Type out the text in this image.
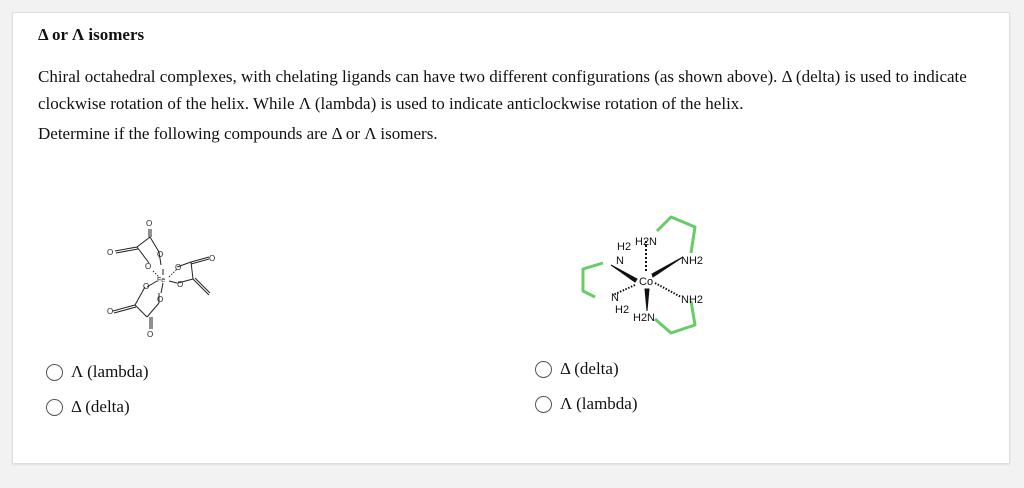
Δ or Λ isomers
Chiral octahedral complexes, with chelating ligands can have two different configurations (as shown above). Δ (delta) is used to indicate clockwise rotation of the helix. While Λ (lambda) is used to indicate anticlockwise rotation of the helix.
Determine if the following compounds are Δ or Λ isomers.
O
O	O
O	O
O
O	O
O
O
O
Fe
H2 H2N
N	NH2
Co
NH2
N
H2
H2N
Λ (lambda)
Δ (delta)
Δ (delta)
Λ (lambda)
